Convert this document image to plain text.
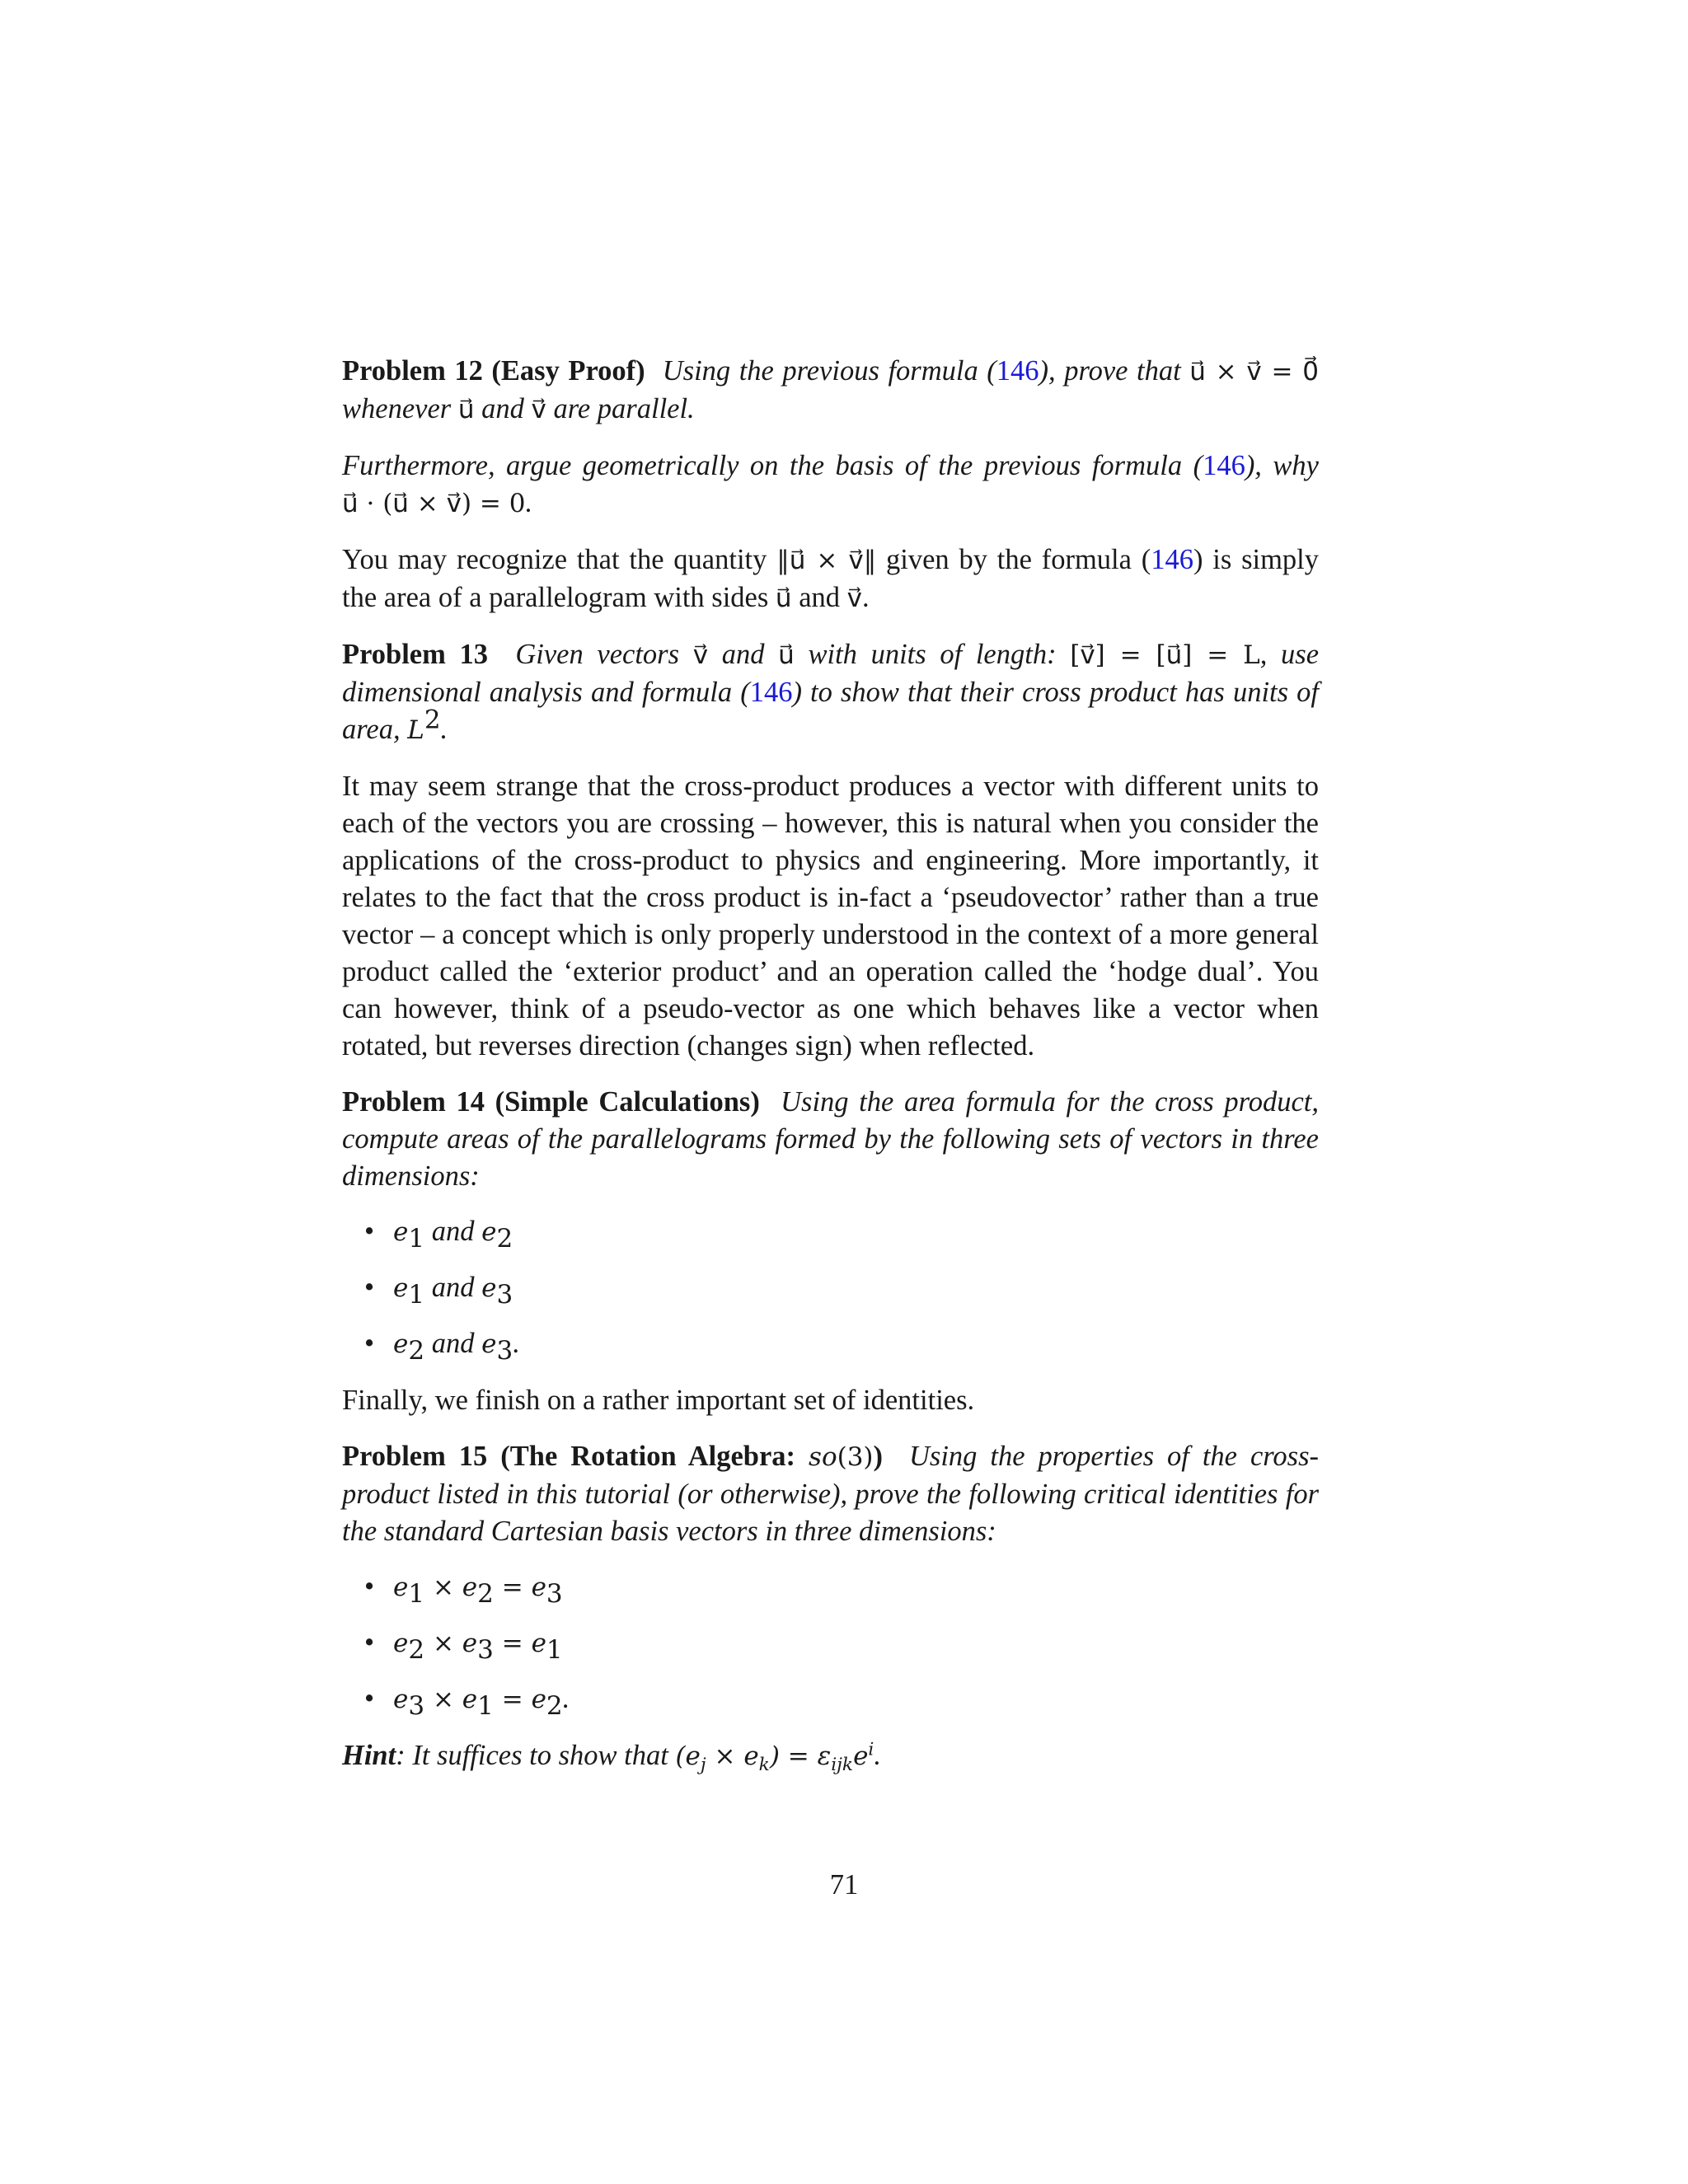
Problem 12 (Easy Proof) Using the previous formula (146), prove that u⃗ × v⃗ = 0⃗ whenever u⃗ and v⃗ are parallel.

Furthermore, argue geometrically on the basis of the previous formula (146), why u⃗ · (u⃗ × v⃗) = 0.

You may recognize that the quantity ‖u⃗ × v⃗‖ given by the formula (146) is simply the area of a parallelogram with sides u⃗ and v⃗.

Problem 13 Given vectors v⃗ and u⃗ with units of length: [v⃗] = [u⃗] = L, use dimensional analysis and formula (146) to show that their cross product has units of area, $L^2$.

It may seem strange that the cross-product produces a vector with different units to each of the vectors you are crossing – however, this is natural when you consider the applications of the cross-product to physics and engineering. More importantly, it relates to the fact that the cross product is in-fact a ‘pseudovector’ rather than a true vector – a concept which is only properly understood in the context of a more general product called the ‘exterior product’ and an operation called the ‘hodge dual’. You can however, think of a pseudo-vector as one which behaves like a vector when rotated, but reverses direction (changes sign) when reflected.

Problem 14 (Simple Calculations) Using the area formula for the cross product, compute areas of the parallelograms formed by the following sets of vectors in three dimensions:

• $e_1$ and $e_2$
• $e_1$ and $e_3$
• $e_2$ and $e_3$.

Finally, we finish on a rather important set of identities.

Problem 15 (The Rotation Algebra: so(3)) Using the properties of the cross-product listed in this tutorial (or otherwise), prove the following critical identities for the standard Cartesian basis vectors in three dimensions:

• $e_1 \times e_2 = e_3$
• $e_2 \times e_3 = e_1$
• $e_3 \times e_1 = e_2$.

Hint: It suffices to show that $(e_j \times e_k) = \varepsilon_{ijk}e^i$.

71
